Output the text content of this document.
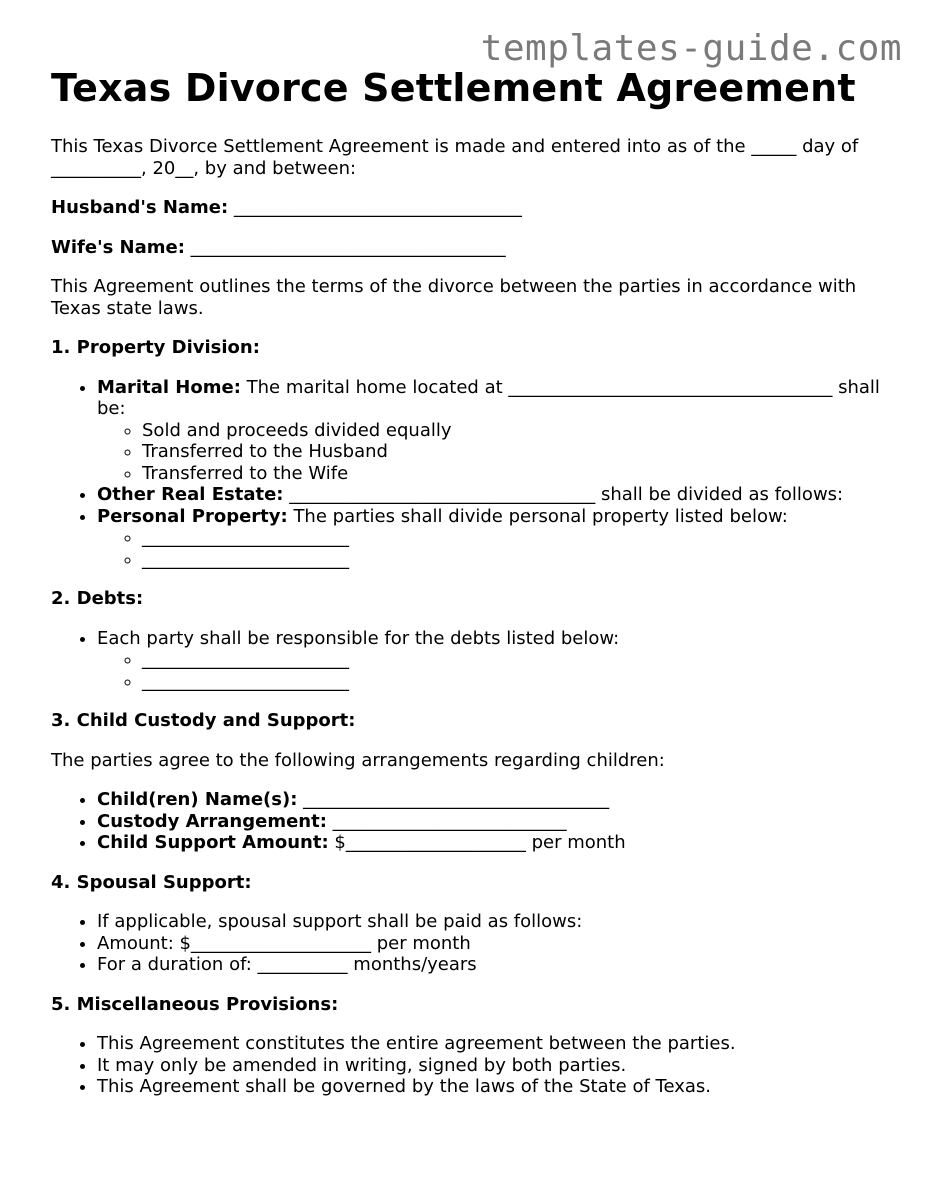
templates-guide.com
Texas Divorce Settlement Agreement

This Texas Divorce Settlement Agreement is made and entered into as of the _____ day of __________, 20__, by and between:

Husband's Name: ________________________________

Wife's Name: ___________________________________

This Agreement outlines the terms of the divorce between the parties in accordance with Texas state laws.

1. Property Division:

• Marital Home: The marital home located at ____________________________________ shall be:
◦ Sold and proceeds divided equally
◦ Transferred to the Husband
◦ Transferred to the Wife
• Other Real Estate: __________________________________ shall be divided as follows:
• Personal Property: The parties shall divide personal property listed below:
◦ _______________________
◦ _______________________

2. Debts:

• Each party shall be responsible for the debts listed below:
◦ _______________________
◦ _______________________

3. Child Custody and Support:

The parties agree to the following arrangements regarding children:

• Child(ren) Name(s): __________________________________
• Custody Arrangement: __________________________
• Child Support Amount: $____________________ per month

4. Spousal Support:

• If applicable, spousal support shall be paid as follows:
• Amount: $____________________ per month
• For a duration of: __________ months/years

5. Miscellaneous Provisions:

• This Agreement constitutes the entire agreement between the parties.
• It may only be amended in writing, signed by both parties.
• This Agreement shall be governed by the laws of the State of Texas.
